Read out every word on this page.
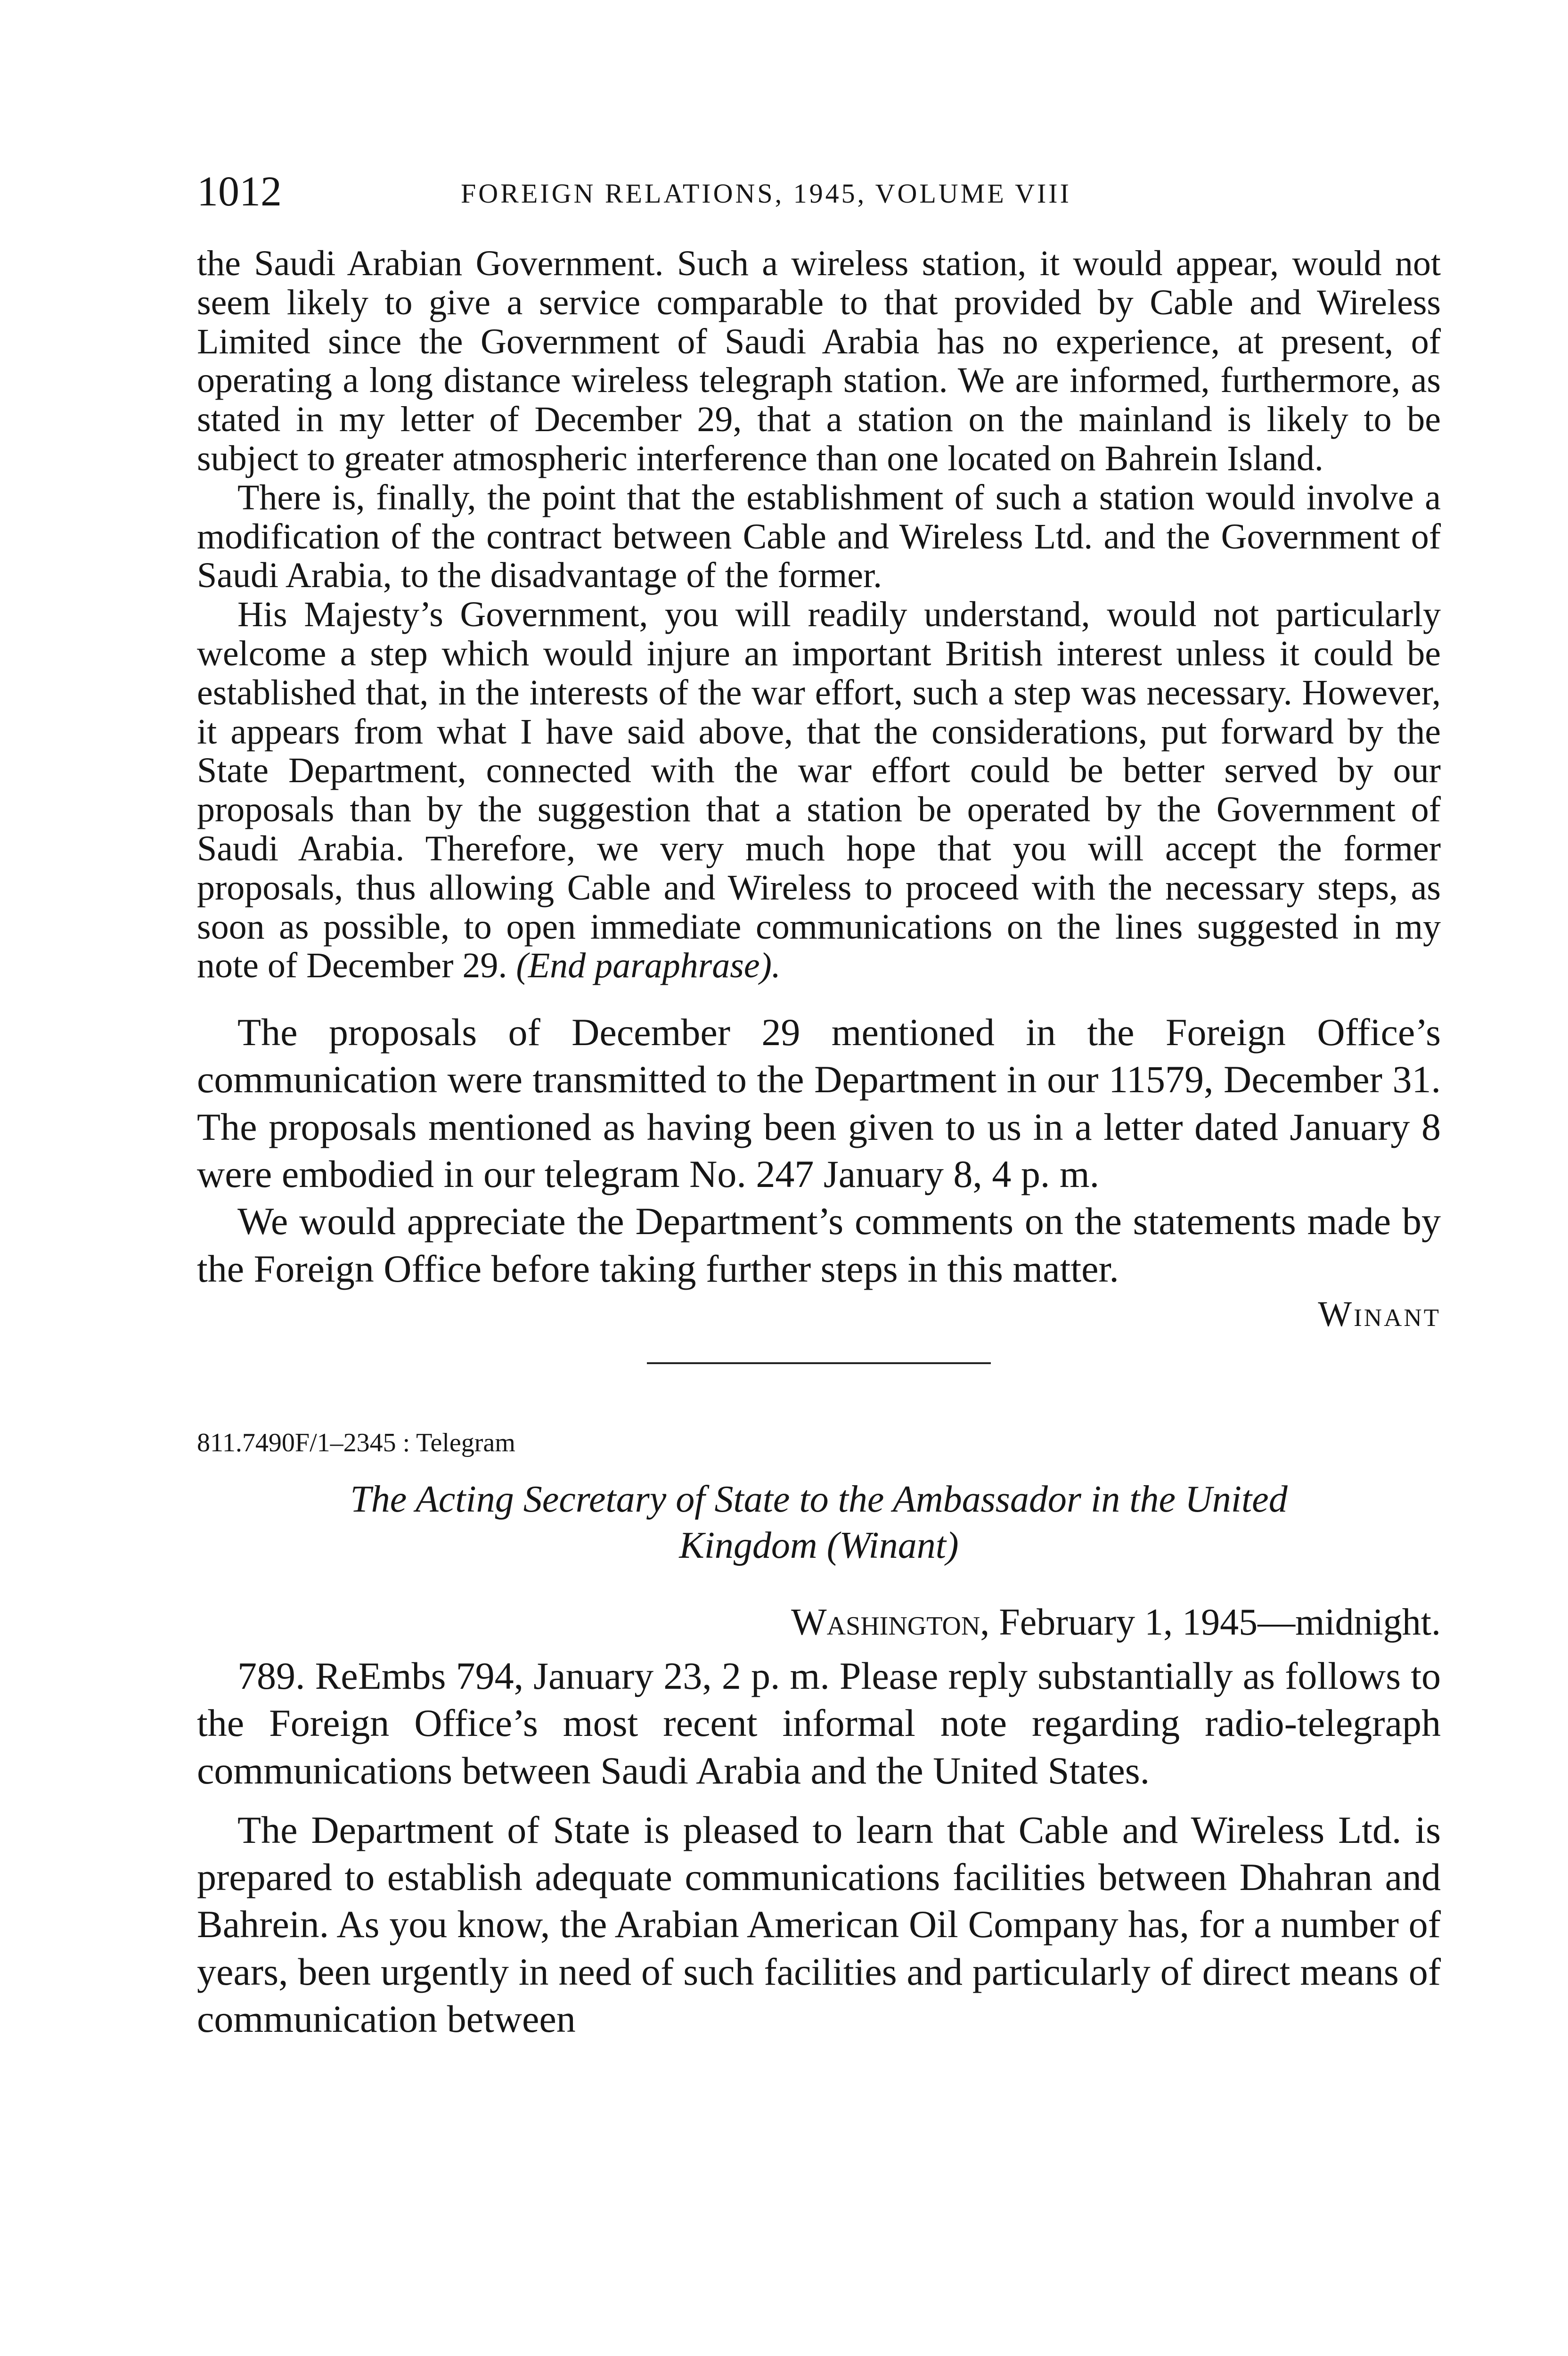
1012	FOREIGN RELATIONS, 1945, VOLUME VIII

the Saudi Arabian Government. Such a wireless station, it would appear, would not seem likely to give a service comparable to that provided by Cable and Wireless Limited since the Government of Saudi Arabia has no experience, at present, of operating a long distance wireless telegraph station. We are informed, furthermore, as stated in my letter of December 29, that a station on the mainland is likely to be subject to greater atmospheric interference than one located on Bahrein Island.

There is, finally, the point that the establishment of such a station would involve a modification of the contract between Cable and Wireless Ltd. and the Government of Saudi Arabia, to the disadvantage of the former.

His Majesty’s Government, you will readily understand, would not particularly welcome a step which would injure an important British interest unless it could be established that, in the interests of the war effort, such a step was necessary. However, it appears from what I have said above, that the considerations, put forward by the State Department, connected with the war effort could be better served by our proposals than by the suggestion that a station be operated by the Government of Saudi Arabia. Therefore, we very much hope that you will accept the former proposals, thus allowing Cable and Wireless to proceed with the necessary steps, as soon as possible, to open immediate communications on the lines suggested in my note of December 29. (End paraphrase).

The proposals of December 29 mentioned in the Foreign Office’s communication were transmitted to the Department in our 11579, December 31. The proposals mentioned as having been given to us in a letter dated January 8 were embodied in our telegram No. 247 January 8, 4 p. m.

We would appreciate the Department’s comments on the statements made by the Foreign Office before taking further steps in this matter.

Winant
811.7490F/1–2345 : Telegram
The Acting Secretary of State to the Ambassador in the United
Kingdom (Winant)
Washington, February 1, 1945—midnight.

789. ReEmbs 794, January 23, 2 p. m. Please reply substantially as follows to the Foreign Office’s most recent informal note regarding radio-telegraph communications between Saudi Arabia and the United States.

The Department of State is pleased to learn that Cable and Wireless Ltd. is prepared to establish adequate communications facilities between Dhahran and Bahrein. As you know, the Arabian American Oil Company has, for a number of years, been urgently in need of such facilities and particularly of direct means of communication between
